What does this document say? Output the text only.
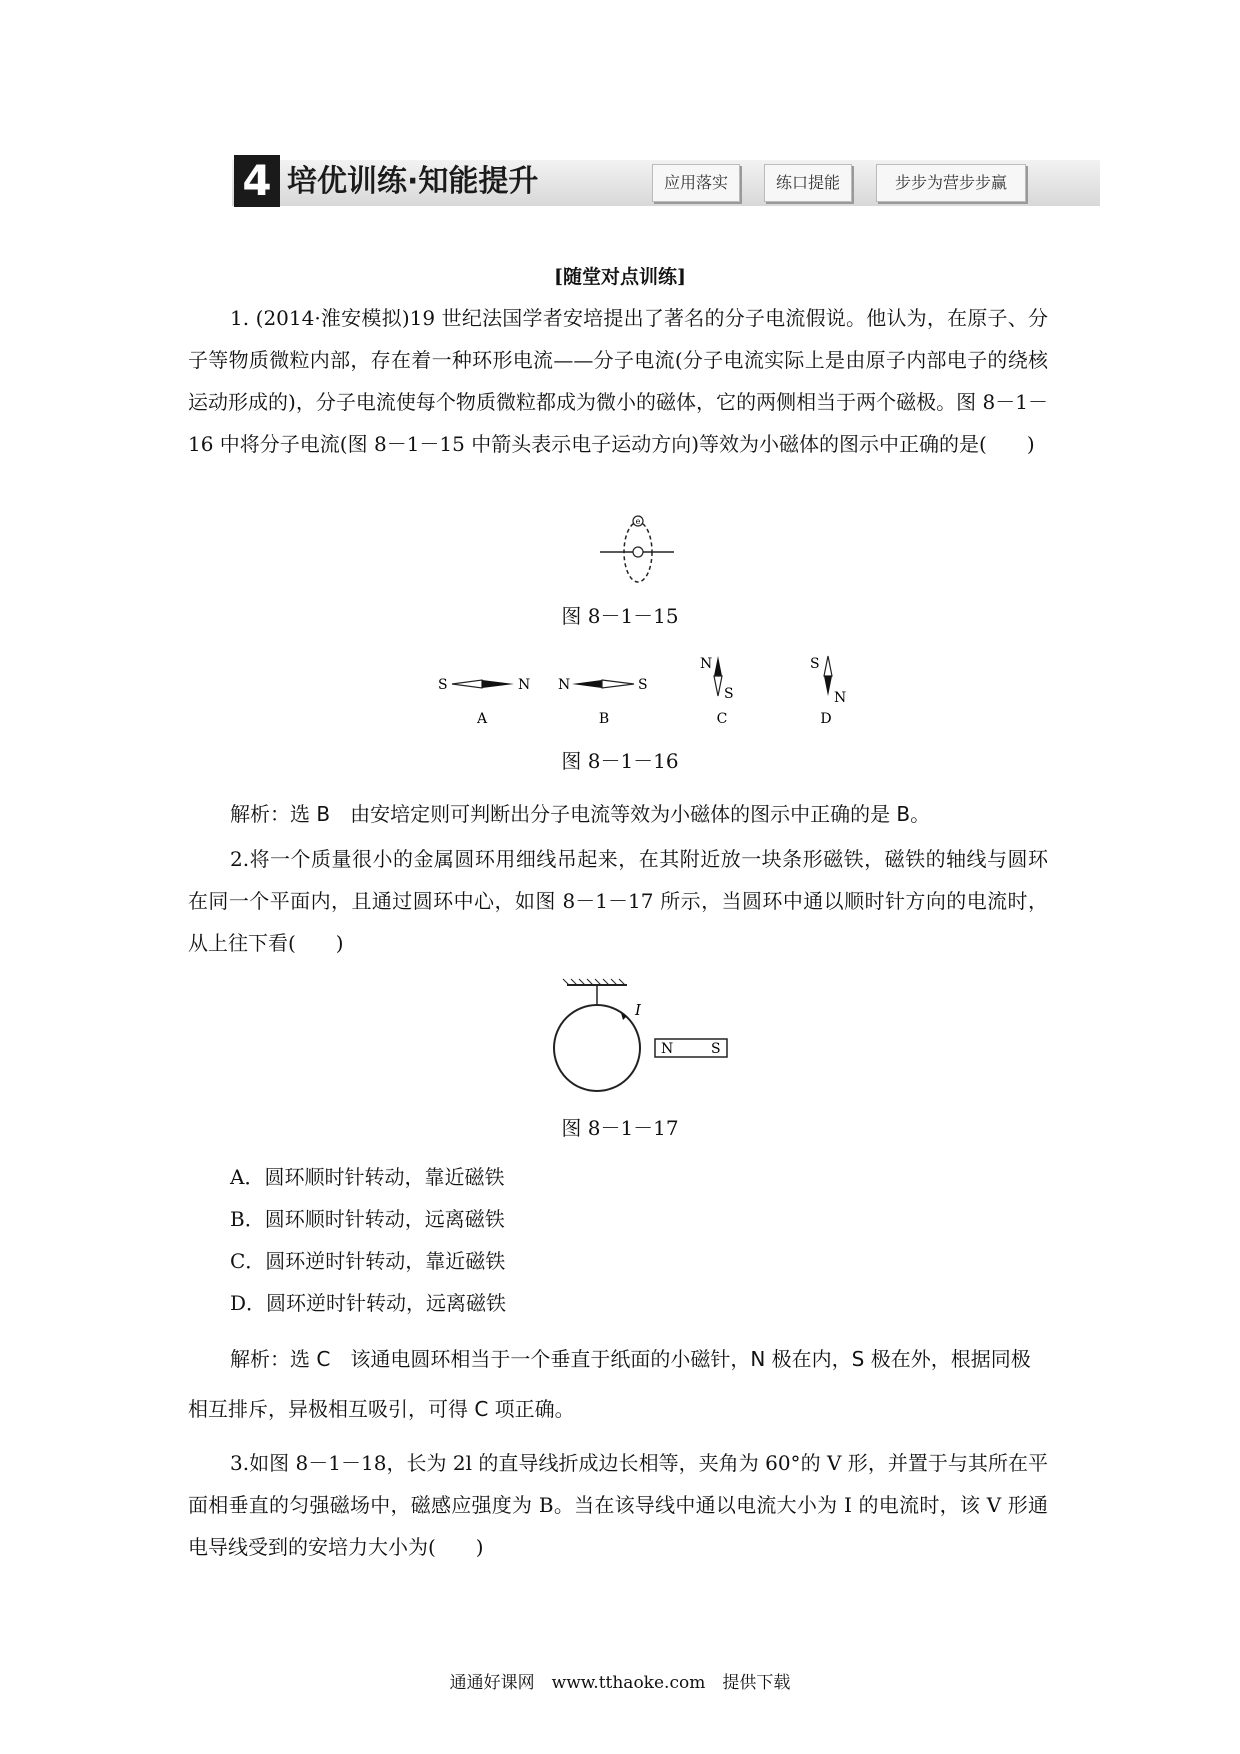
4 培优训练·知能提升	应用落实	练口提能	步步为营步步赢
[随堂对点训练]

1. (2014·淮安模拟)19 世纪法国学者安培提出了著名的分子电流假说。他认为，在原子、分子等物质微粒内部，存在着一种环形电流——分子电流(分子电流实际上是由原子内部电子的绕核运动形成的)，分子电流使每个物质微粒都成为微小的磁体，它的两侧相当于两个磁极。图 8－1－16 中将分子电流(图 8－1－15 中箭头表示电子运动方向)等效为小磁体的图示中正确的是(　　)

e
图 8－1－15
S	N
A
N	S
B
N
S
C
S
N
D
图 8－1－16

解析：选 B　由安培定则可判断出分子电流等效为小磁体的图示中正确的是 B。

2.将一个质量很小的金属圆环用细线吊起来，在其附近放一块条形磁铁，磁铁的轴线与圆环在同一个平面内，且通过圆环中心，如图 8－1－17 所示，当圆环中通以顺时针方向的电流时，从上往下看(　　)

I
N	S
图 8－1－17

A．圆环顺时针转动，靠近磁铁

B．圆环顺时针转动，远离磁铁

C．圆环逆时针转动，靠近磁铁

D．圆环逆时针转动，远离磁铁

解析：选 C　该通电圆环相当于一个垂直于纸面的小磁针，N 极在内，S 极在外，根据同极相互排斥，异极相互吸引，可得 C 项正确。

3.如图 8－1－18，长为 2l 的直导线折成边长相等，夹角为 60°的 V 形，并置于与其所在平面相垂直的匀强磁场中，磁感应强度为 B。当在该导线中通以电流大小为 I 的电流时，该 V 形通电导线受到的安培力大小为(　　)

通通好课网　www.tthaoke.com　提供下载
